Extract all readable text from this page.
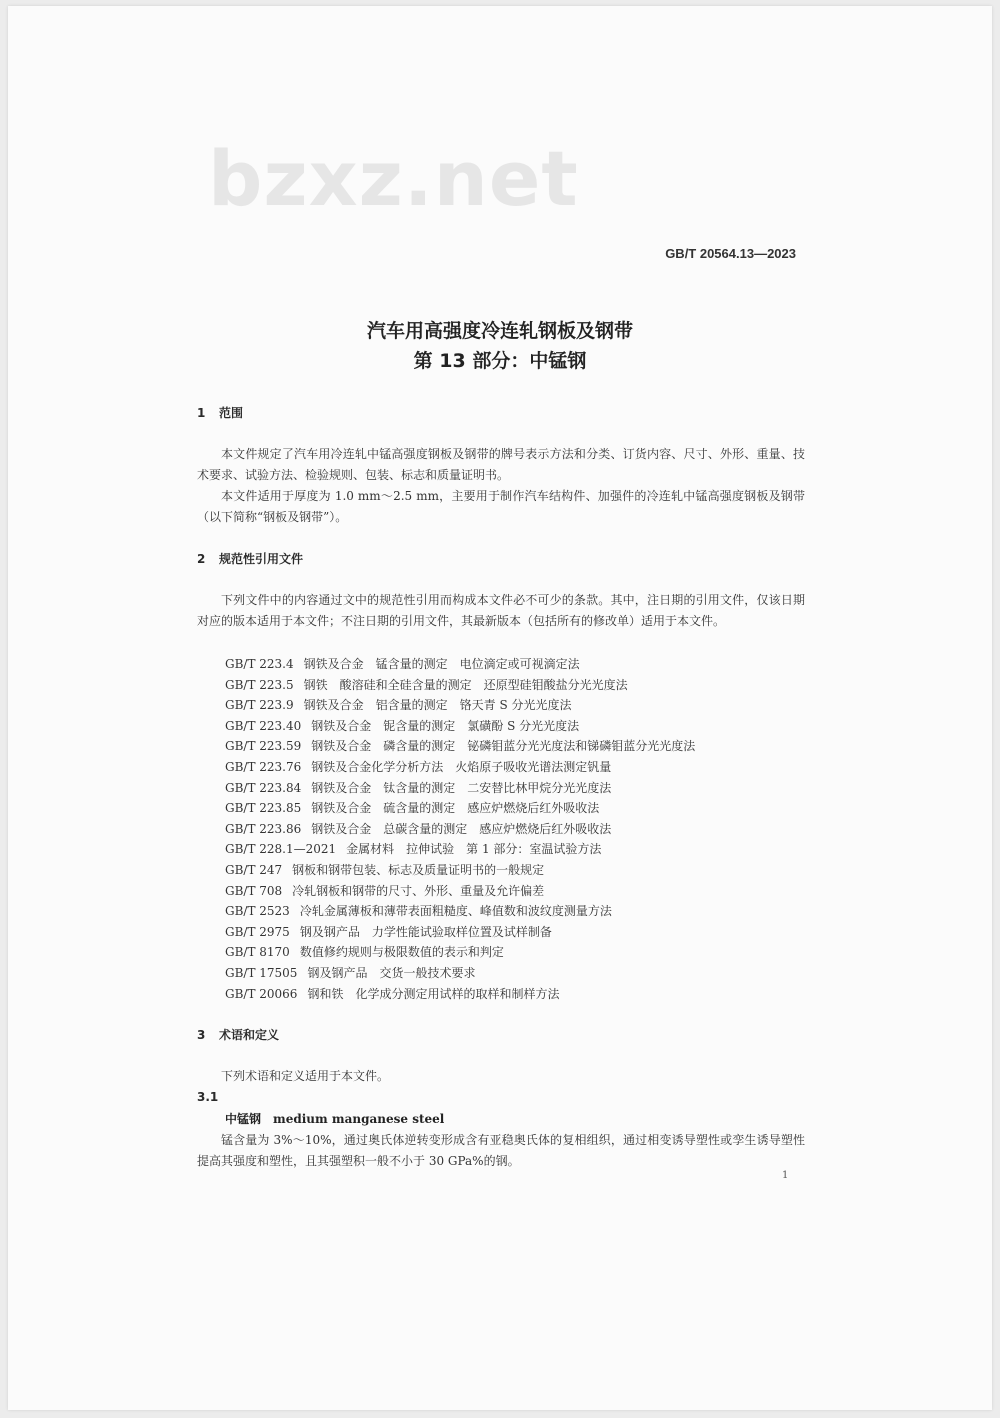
bzxz.net
GB/T 20564.13—2023
汽车用高强度冷连轧钢板及钢带
第 13 部分：中锰钢
1 范围
本文件规定了汽车用冷连轧中锰高强度钢板及钢带的牌号表示方法和分类、订货内容、尺寸、外形、重量、技术要求、试验方法、检验规则、包装、标志和质量证明书。
本文件适用于厚度为 1.0 mm～2.5 mm，主要用于制作汽车结构件、加强件的冷连轧中锰高强度钢板及钢带（以下简称“钢板及钢带”）。
2 规范性引用文件
下列文件中的内容通过文中的规范性引用而构成本文件必不可少的条款。其中，注日期的引用文件，仅该日期对应的版本适用于本文件；不注日期的引用文件，其最新版本（包括所有的修改单）适用于本文件。
GB/T 223.4 钢铁及合金　锰含量的测定　电位滴定或可视滴定法
GB/T 223.5 钢铁　酸溶硅和全硅含量的测定　还原型硅钼酸盐分光光度法
GB/T 223.9 钢铁及合金　铝含量的测定　铬天青 S 分光光度法
GB/T 223.40 钢铁及合金　铌含量的测定　氯磺酚 S 分光光度法
GB/T 223.59 钢铁及合金　磷含量的测定　铋磷钼蓝分光光度法和锑磷钼蓝分光光度法
GB/T 223.76 钢铁及合金化学分析方法　火焰原子吸收光谱法测定钒量
GB/T 223.84 钢铁及合金　钛含量的测定　二安替比林甲烷分光光度法
GB/T 223.85 钢铁及合金　硫含量的测定　感应炉燃烧后红外吸收法
GB/T 223.86 钢铁及合金　总碳含量的测定　感应炉燃烧后红外吸收法
GB/T 228.1—2021 金属材料　拉伸试验　第 1 部分：室温试验方法
GB/T 247 钢板和钢带包装、标志及质量证明书的一般规定
GB/T 708 冷轧钢板和钢带的尺寸、外形、重量及允许偏差
GB/T 2523 冷轧金属薄板和薄带表面粗糙度、峰值数和波纹度测量方法
GB/T 2975 钢及钢产品　力学性能试验取样位置及试样制备
GB/T 8170 数值修约规则与极限数值的表示和判定
GB/T 17505 钢及钢产品　交货一般技术要求
GB/T 20066 钢和铁　化学成分测定用试样的取样和制样方法
3 术语和定义
下列术语和定义适用于本文件。
3.1
中锰钢 medium manganese steel
锰含量为 3%～10%，通过奥氏体逆转变形成含有亚稳奥氏体的复相组织，通过相变诱导塑性或孪生诱导塑性提高其强度和塑性，且其强塑积一般不小于 30 GPa%的钢。
1
